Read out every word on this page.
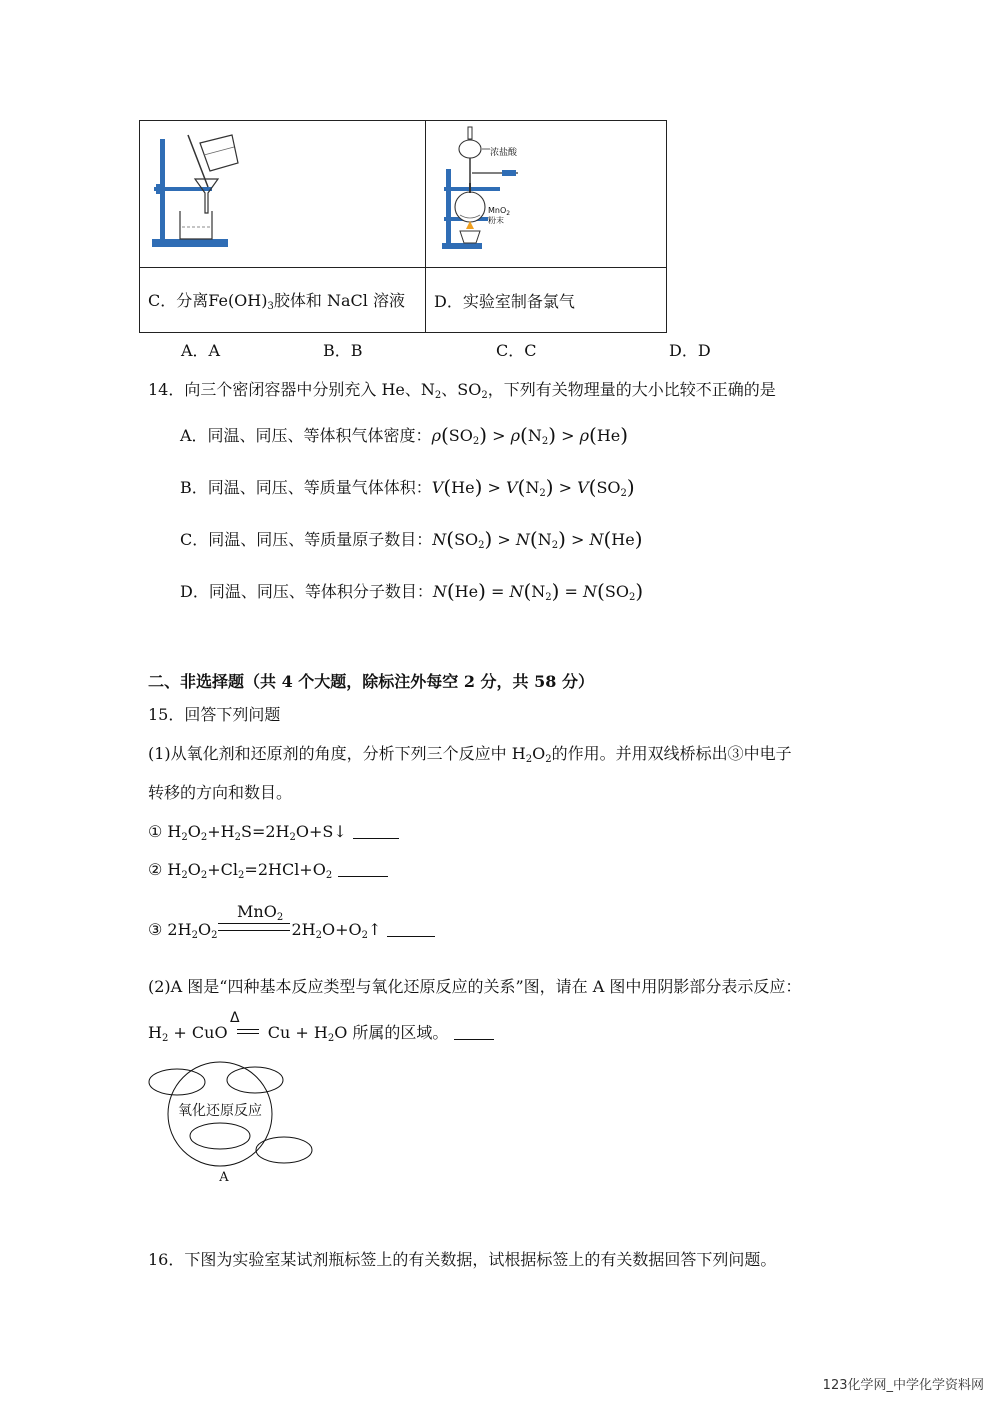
浓盐酸
MnO$_2$
粉末

C．分离$Fe(OH)_3$胶体和 NaCl 溶液	D．实验室制备氯气
A．A	B．B	C．C	D．D
14．向三个密闭容器中分别充入 He、$N_2$、$SO_2$，下列有关物理量的大小比较不正确的是
A．同温、同压、等体积气体密度：$\rho(SO_2) > \rho(N_2) > \rho(He)$
B．同温、同压、等质量气体体积：$V(He) > V(N_2) > V(SO_2)$
C．同温、同压、等质量原子数目：$N(SO_2) > N(N_2) > N(He)$
D．同温、同压、等体积分子数目：$N(He) = N(N_2) = N(SO_2)$
二、非选择题（共 4 个大题，除标注外每空 2 分，共 58 分）
15．回答下列问题
(1)从氧化剂和还原剂的角度，分析下列三个反应中 $H_2O_2$的作用。并用双线桥标出③中电子
转移的方向和数目。
① $H_2O_2+H_2S=2H_2O+S↓$
② $H_2O_2+Cl_2=2HCl+O_2$
MnO$_2$
③ $2H_2O_2$	$2H_2O+O_2↑$
(2)A 图是“四种基本反应类型与氧化还原反应的关系”图，请在 A 图中用阴影部分表示反应：
Δ
$H_2$ + CuO  $Cu + H_2O$ 所属的区域。
氧化还原反应
A
16．下图为实验室某试剂瓶标签上的有关数据，试根据标签上的有关数据回答下列问题。
123化学网_中学化学资料网
